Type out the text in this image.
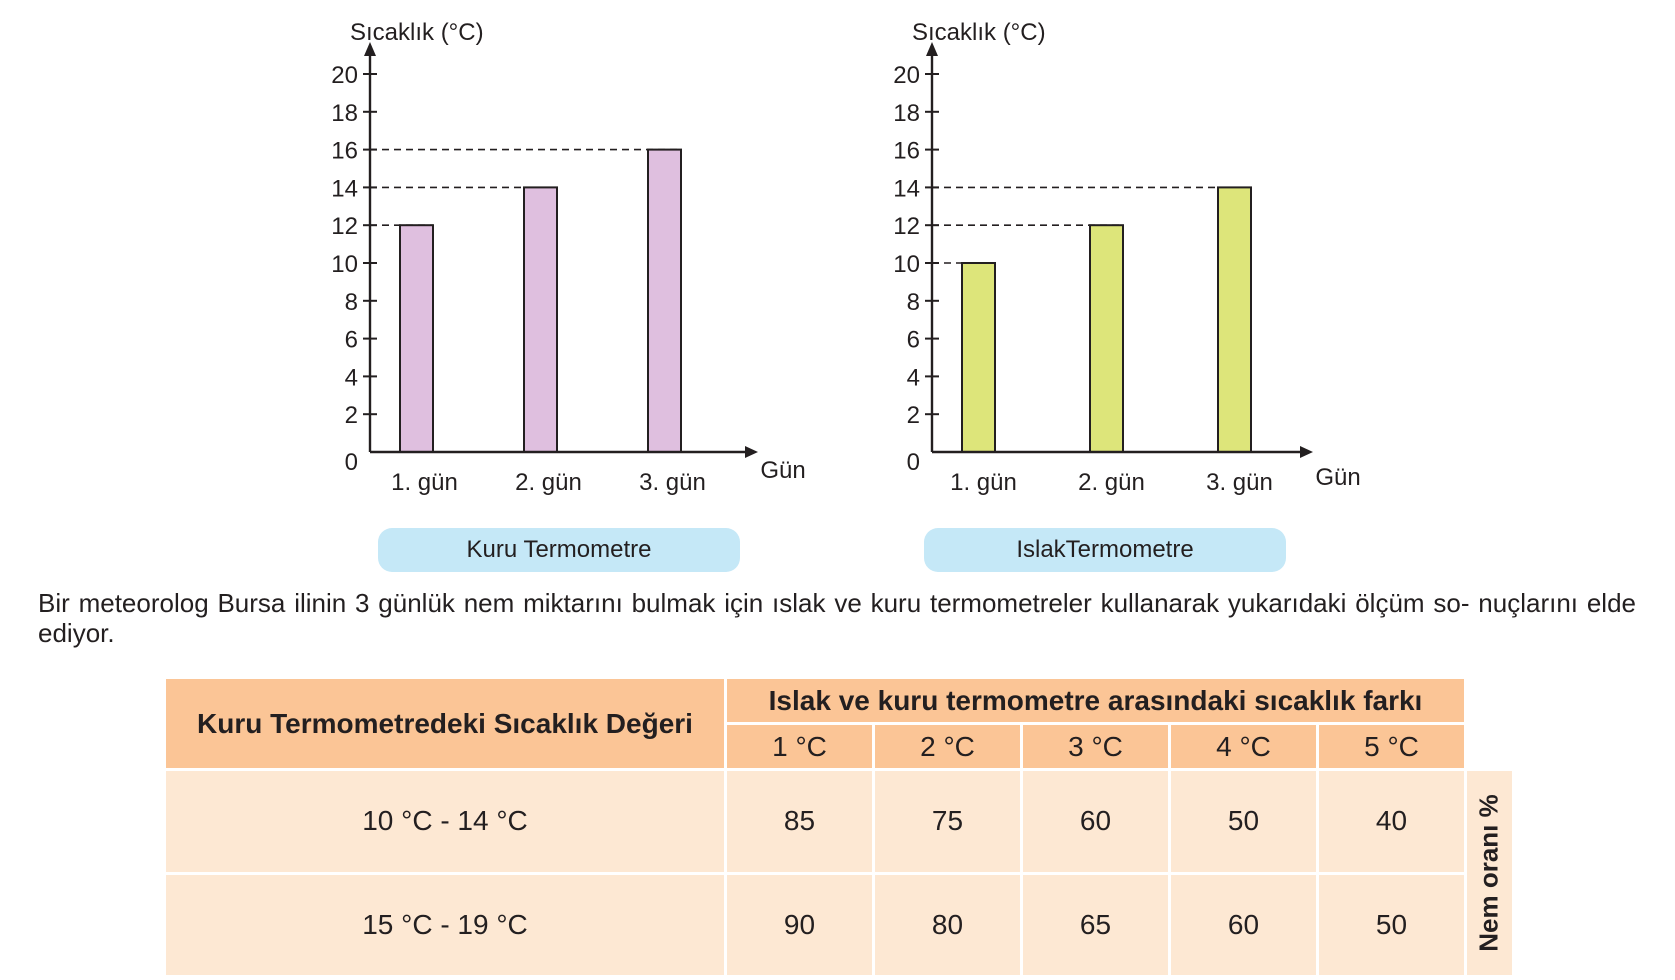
0
2
4
6
8
10
12
14
16
18
20
1. gün 2. gün 3. gün
Sıcaklık (°C)
Gün	0
2
4
6
8
10
12
14
16
18
20
1. gün	2. gün	3. gün
Sıcaklık (°C)
Gün
Kuru Termometre	IslakTermometre

Bir meteorolog Bursa ilinin 3 günlük nem miktarını bulmak için ıslak ve kuru termometreler kullanarak yukarıdaki ölçüm so- nuçlarını elde ediyor.

Kuru Termometredeki Sıcaklık Değeri	Islak ve kuru termometre arasındaki sıcaklık farkı					
	1 °C	2 °C	3 °C	4 °C	5 °C	
10 °C - 14 °C	85	75	60	50	40	Nem oranı %

15 °C - 19 °C	90	80	65	60	50	
